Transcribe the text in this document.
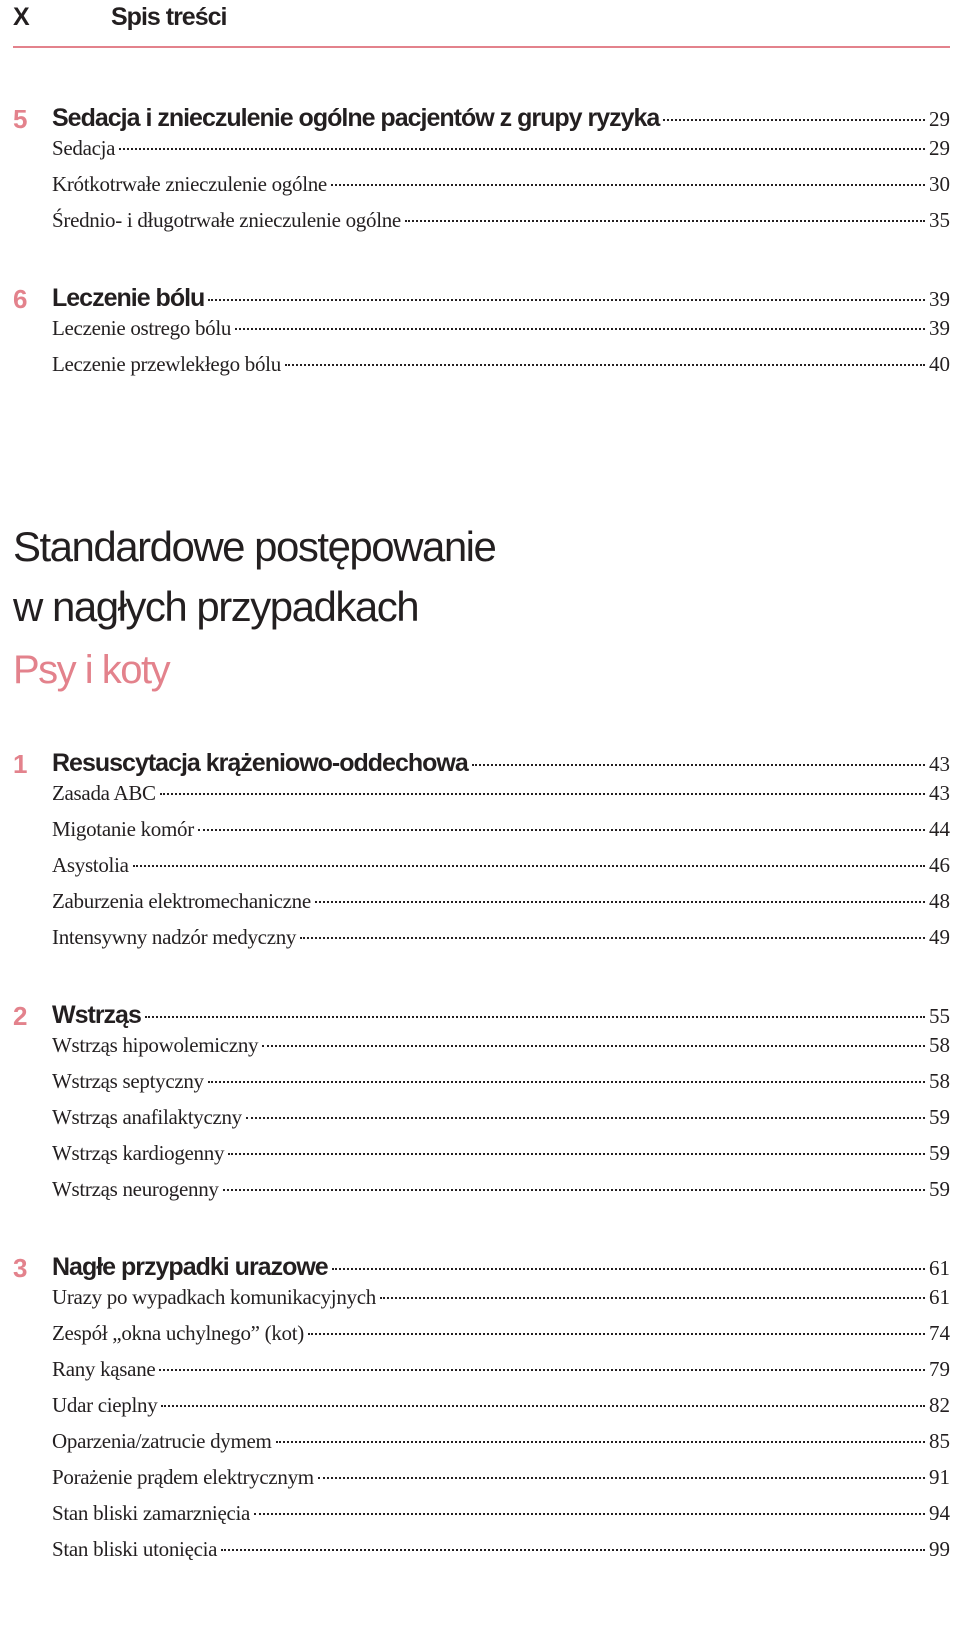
X	Spis treści
5 Sedacja i znieczulenie ogólne pacjentów z grupy ryzyka	29
Sedacja	29
Krótkotrwałe znieczulenie ogólne	30
Średnio- i długotrwałe znieczulenie ogólne	35
6 Leczenie bólu	39
Leczenie ostrego bólu	39
Leczenie przewlekłego bólu	40
Standardowe postępowanie
w nagłych przypadkach
Psy i koty
1 Resuscytacja krążeniowo-oddechowa	43
Zasada ABC	43
Migotanie komór	44
Asystolia	46
Zaburzenia elektromechaniczne	48
Intensywny nadzór medyczny	49
2 Wstrząs	55
Wstrząs hipowolemiczny	58
Wstrząs septyczny	58
Wstrząs anafilaktyczny	59
Wstrząs kardiogenny	59
Wstrząs neurogenny	59
3 Nagłe przypadki urazowe	61
Urazy po wypadkach komunikacyjnych	61
Zespół „okna uchylnego” (kot)	74
Rany kąsane	79
Udar cieplny	82
Oparzenia/zatrucie dymem	85
Porażenie prądem elektrycznym	91
Stan bliski zamarznięcia	94
Stan bliski utonięcia	99
